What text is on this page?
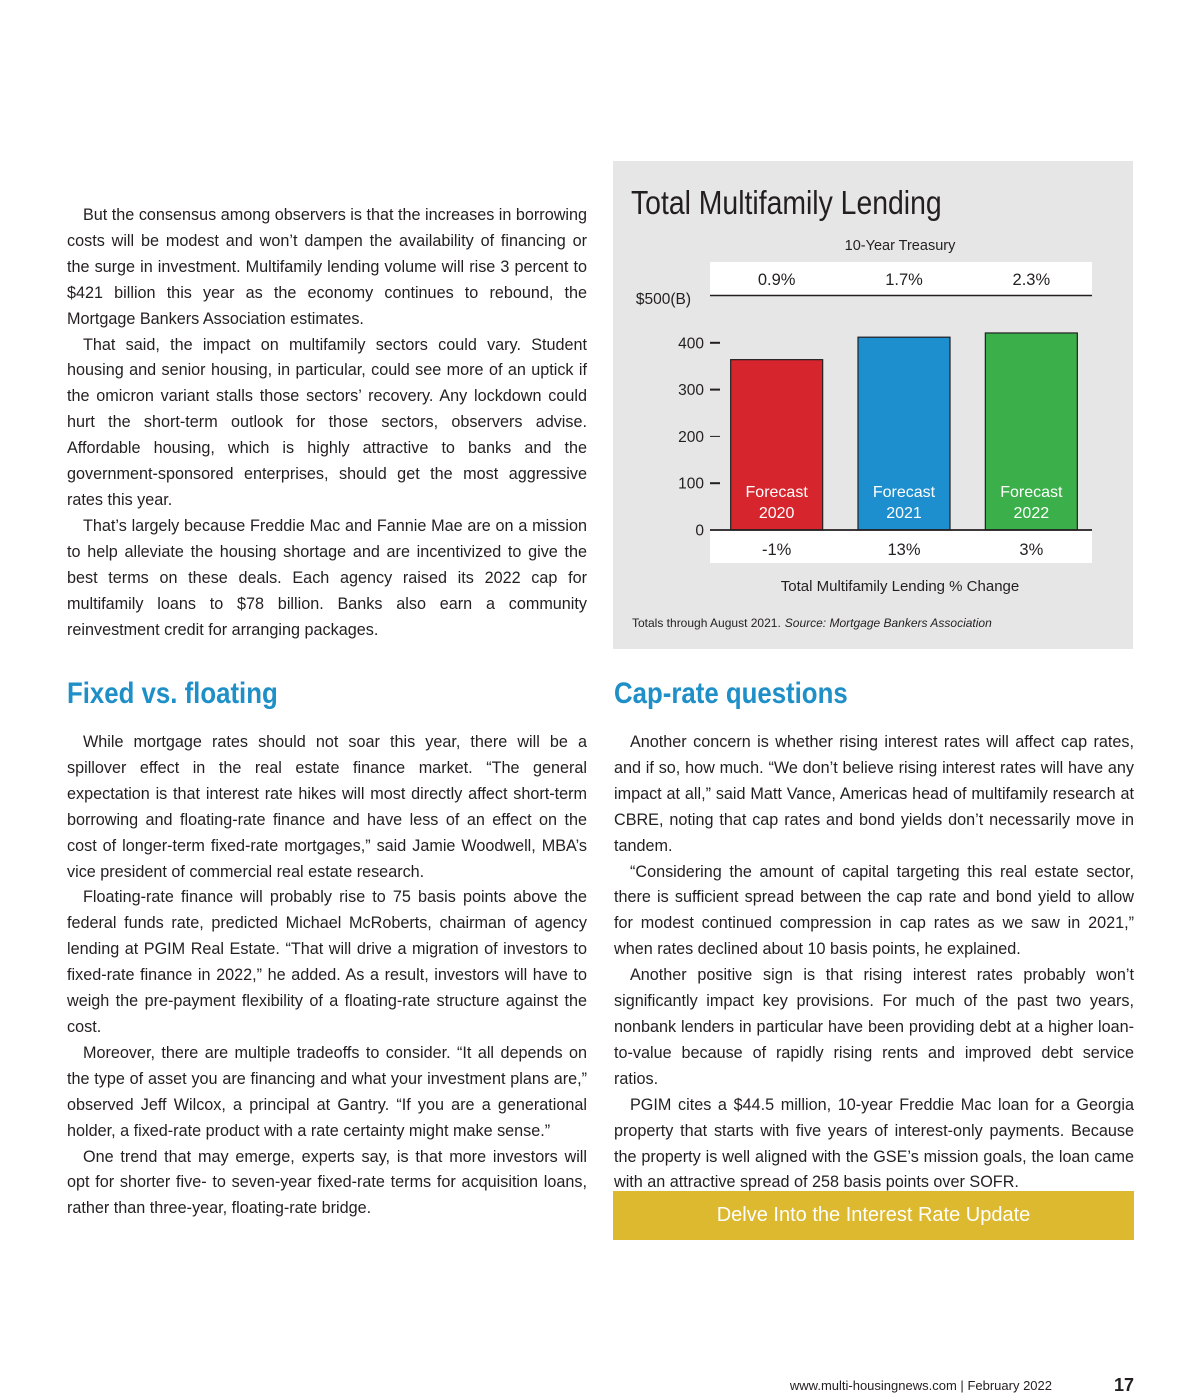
But the consensus among observers is that the increases in borrowing costs will be modest and won’t dampen the availability of financing or the surge in investment. Multifamily lending volume will rise 3 percent to $421 billion this year as the economy continues to rebound, the Mortgage Bankers Association estimates.

That said, the impact on multifamily sectors could vary. Student housing and senior housing, in particular, could see more of an uptick if the omicron variant stalls those sectors’ recovery. Any lockdown could hurt the short-term outlook for those sectors, observers advise. Affordable housing, which is highly attractive to banks and the government-sponsored enterprises, should get the most aggressive rates this year.

That’s largely because Freddie Mac and Fannie Mae are on a mission to help alleviate the housing shortage and are incentivized to give the best terms on these deals. Each agency raised its 2022 cap for multifamily loans to $78 billion. Banks also earn a community reinvestment credit for arranging packages.

Total Multifamily Lending
10-Year Treasury
$500(B)
400
300
200
100
0
Forecast
2020
Forecast
2021
Forecast
2022
0.9%	1.7%	2.3%
-1%	13%	3%
Total Multifamily Lending % Change
Totals through August 2021. Source: Mortgage Bankers Association
Fixed vs. floating

While mortgage rates should not soar this year, there will be a spillover effect in the real estate finance market. “The general expectation is that interest rate hikes will most directly affect short-term borrowing and floating-rate finance and have less of an effect on the cost of longer-term fixed-rate mortgages,” said Jamie Woodwell, MBA’s vice president of commercial real estate research.

Floating-rate finance will probably rise to 75 basis points above the federal funds rate, predicted Michael McRoberts, chairman of agency lending at PGIM Real Estate. “That will drive a migration of investors to fixed-rate finance in 2022,” he added. As a result, investors will have to weigh the pre-payment flexibility of a floating-rate structure against the cost.

Moreover, there are multiple tradeoffs to consider. “It all depends on the type of asset you are financing and what your investment plans are,” observed Jeff Wilcox, a principal at Gantry. “If you are a generational holder, a fixed-rate product with a rate certainty might make sense.”

One trend that may emerge, experts say, is that more investors will opt for shorter five- to seven-year fixed-rate terms for acquisition loans, rather than three-year, floating-rate bridge.

Cap-rate questions

Another concern is whether rising interest rates will affect cap rates, and if so, how much. “We don’t believe rising interest rates will have any impact at all,” said Matt Vance, Americas head of multifamily research at CBRE, noting that cap rates and bond yields don’t necessarily move in tandem.

“Considering the amount of capital targeting this real estate sector, there is sufficient spread between the cap rate and bond yield to allow for modest continued compression in cap rates as we saw in 2021,” when rates declined about 10 basis points, he explained.

Another positive sign is that rising interest rates probably won’t significantly impact key provisions. For much of the past two years, nonbank lenders in particular have been providing debt at a higher loan-to-value because of rapidly rising rents and improved debt service ratios.

PGIM cites a $44.5 million, 10-year Freddie Mac loan for a Georgia property that starts with five years of interest-only payments. Because the property is well aligned with the GSE’s mission goals, the loan came with an attractive spread of 258 basis points over SOFR.

Delve Into the Interest Rate Update
www.multi-housingnews.com | February 2022	17
